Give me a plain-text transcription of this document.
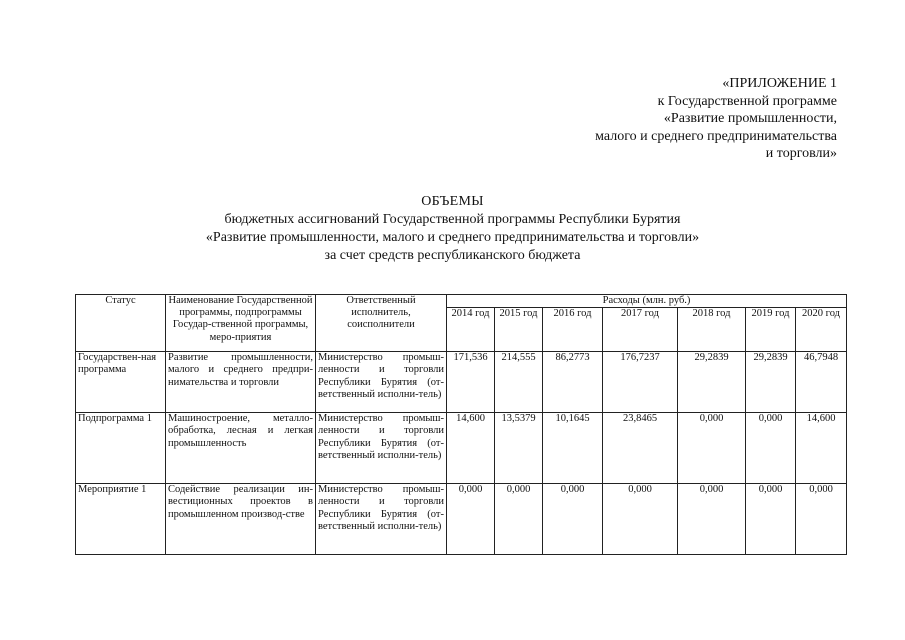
«ПРИЛОЖЕНИЕ 1
к Государственной программе
«Развитие промышленности,
малого и среднего предпринимательства
и торговли»
ОБЪЕМЫ
бюджетных ассигнований Государственной программы Республики Бурятия
«Развитие промышленности, малого и среднего предпринимательства и торговли»
за счет средств республиканского бюджета
Статус	Наименование Государственной программы, подпрограммы Государ-ственной программы, меро-приятия	Ответственный исполнитель, соисполнители	Расходы (млн. руб.)						
			2014 год	2015 год	2016 год	2017 год	2018 год	2019 год	2020 год
Государствен-ная программа	Развитие промышленности, малого и среднего предпри-нимательства и торговли	Министерство промыш-ленности и торговли Республики Бурятия (от-ветственный исполни-тель)	171,536	214,555	86,2773	176,7237	29,2839	29,2839	46,7948
Подпрограмма 1	Машиностроение, металло-обработка, лесная и легкая промышленность	Министерство промыш-ленности и торговли Республики Бурятия (от-ветственный исполни-тель)	14,600	13,5379	10,1645	23,8465	0,000	0,000	14,600
Мероприятие 1	Содействие реализации ин-вестиционных проектов в промышленном производ-стве	Министерство промыш-ленности и торговли Республики Бурятия (от-ветственный исполни-тель)	0,000	0,000	0,000	0,000	0,000	0,000	0,000
